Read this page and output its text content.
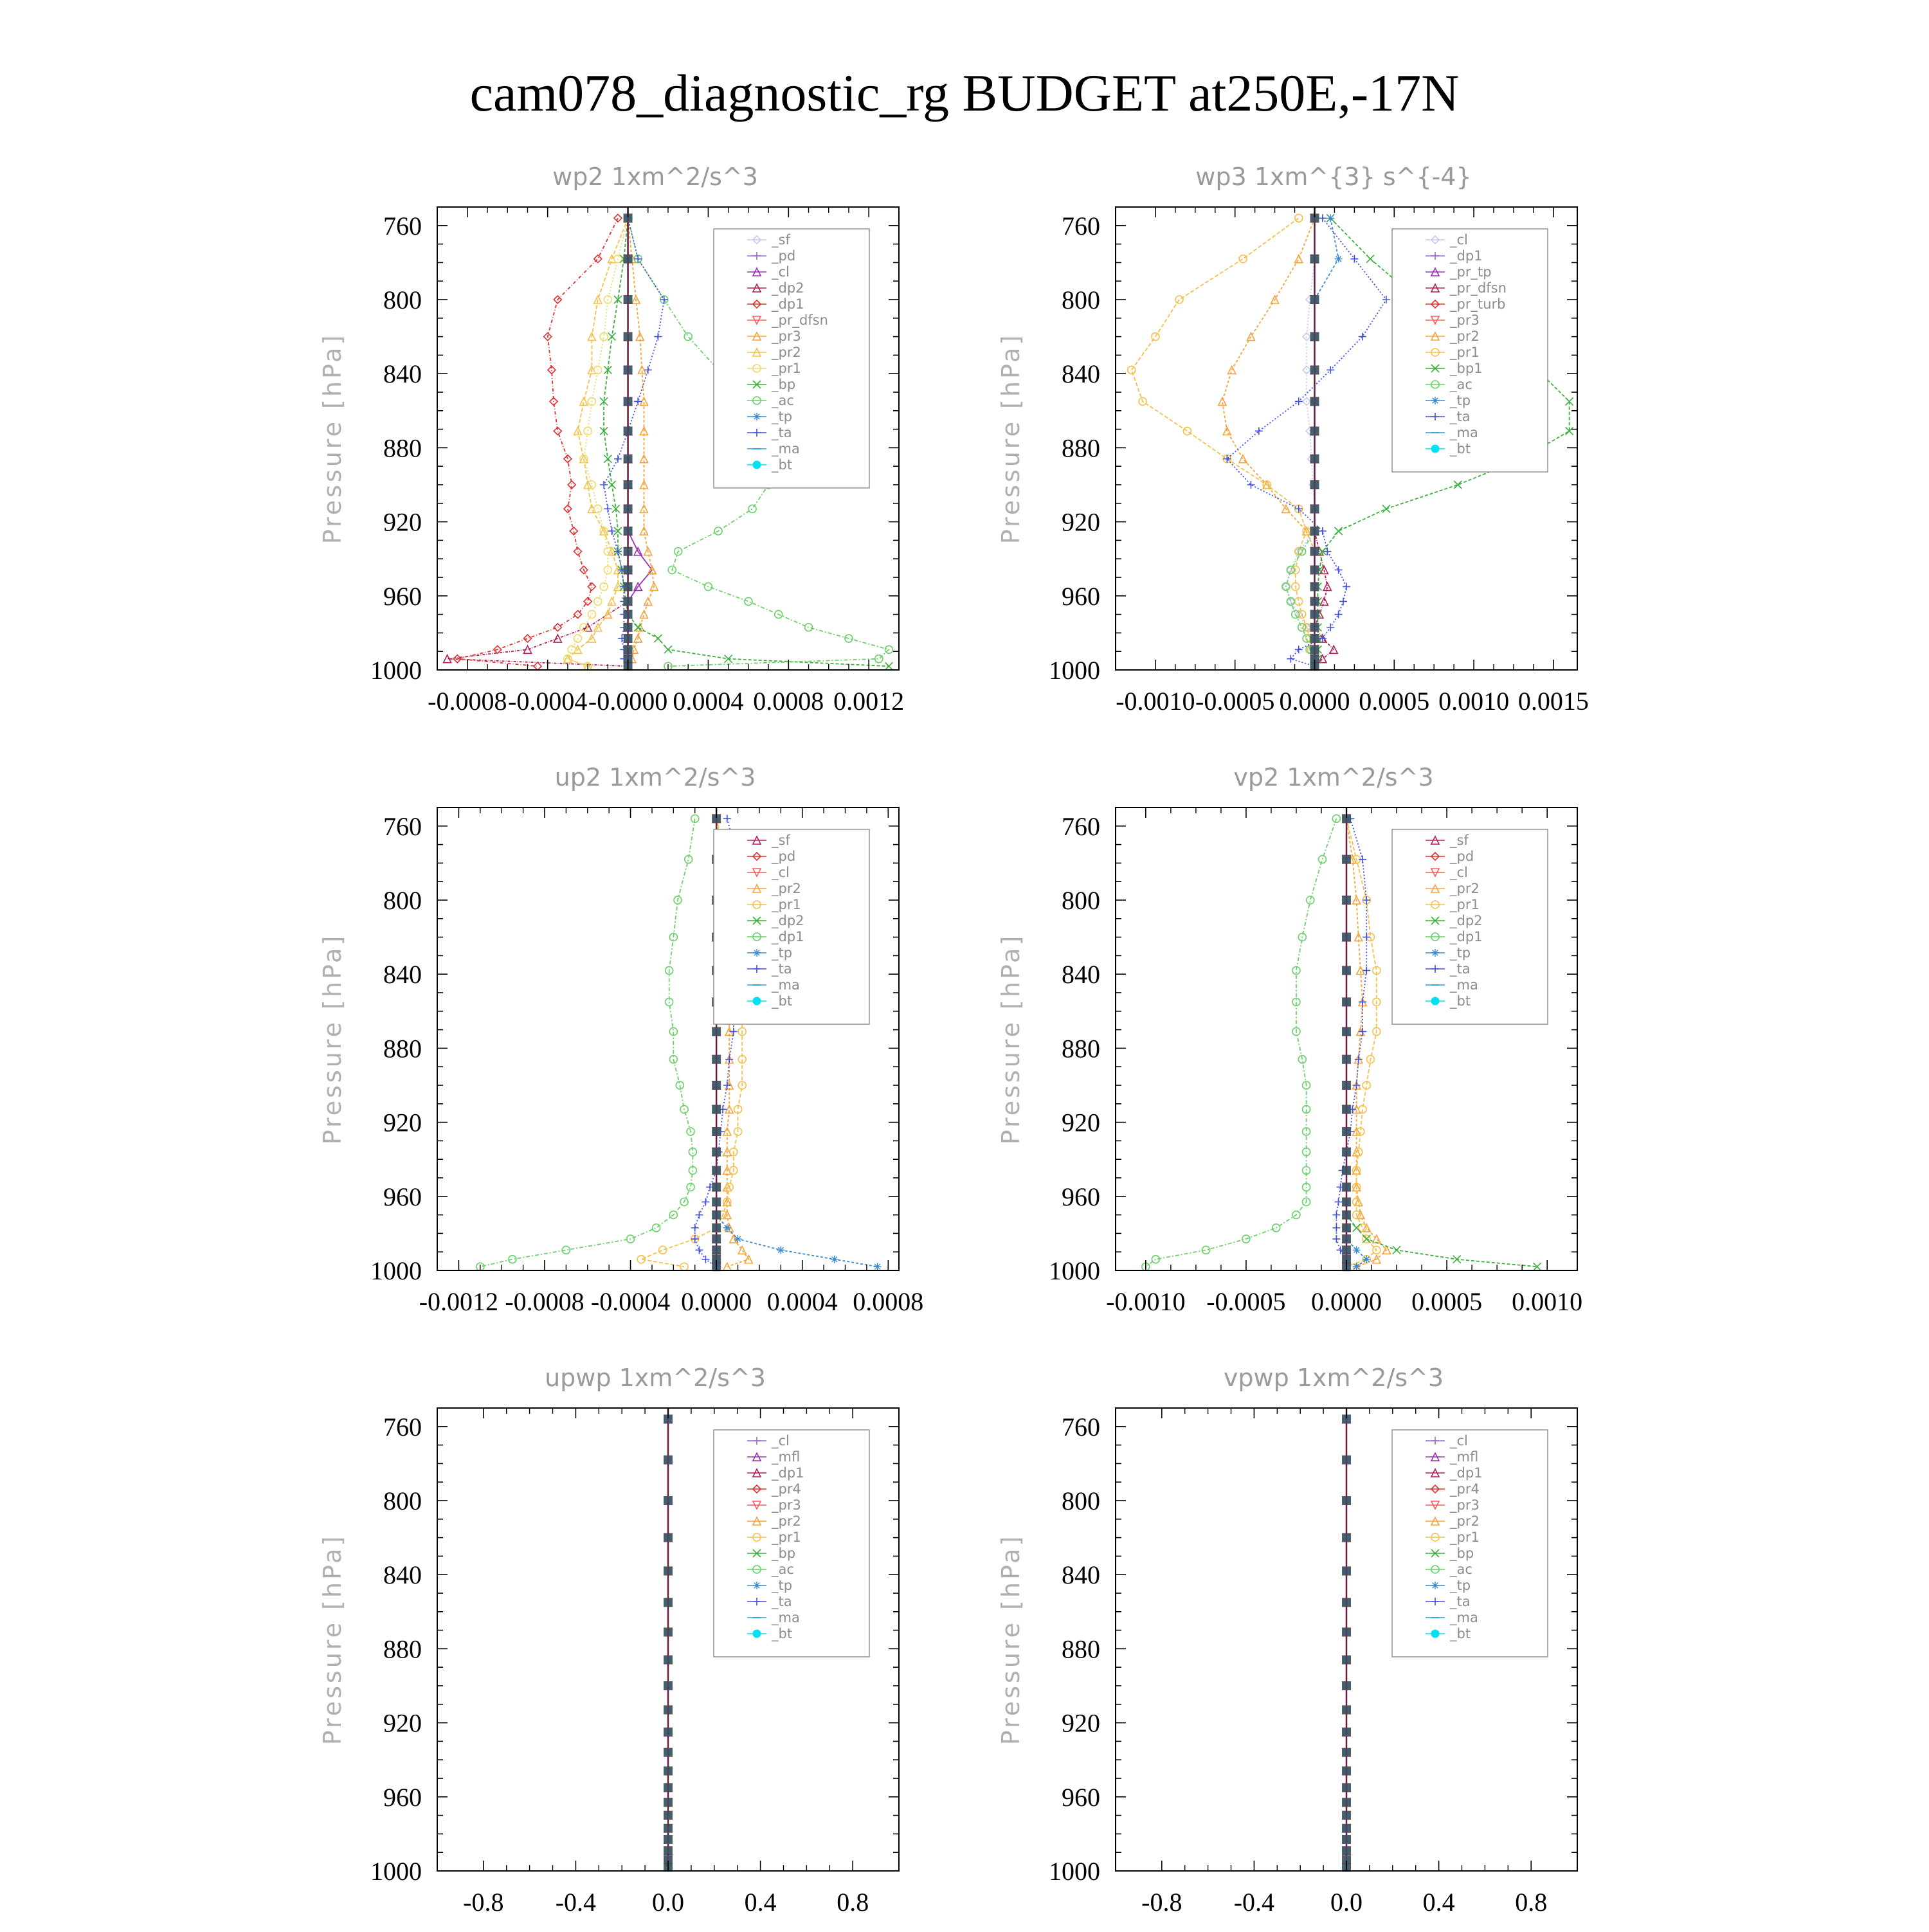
cam078_diagnostic_rg BUDGET at250E,-17N
wp2 1xm^2/s^3
Pressure [hPa]
760
800
840
880
920
960
1000
-0.0008 -0.0004 -0.0000 0.0004 0.0008 0.0012
_sf
_pd
_cl
_dp2
_dp1
_pr_dfsn
_pr3
_pr2
_pr1
_bp
_ac
_tp
_ta
_ma
_bt
wp3 1xm^{3} s^{-4}
Pressure [hPa]
760
800
840
880
920
960
1000
-0.0010 -0.0005 0.0000 0.0005 0.0010 0.0015
_cl
_dp1
_pr_tp
_pr_dfsn
_pr_turb
_pr3
_pr2
_pr1
_bp1
_ac
_tp
_ta
_ma
_bt
up2 1xm^2/s^3
Pressure [hPa]
760
800
840
880
920
960
1000
-0.0012 -0.0008 -0.0004 0.0000 0.0004 0.0008
_sf
_pd
_cl
_pr2
_pr1
_dp2
_dp1
_tp
_ta
_ma
_bt
vp2 1xm^2/s^3
Pressure [hPa]
760
800
840
880
920
960
1000
-0.0010 -0.0005 0.0000 0.0005 0.0010
_sf
_pd
_cl
_pr2
_pr1
_dp2
_dp1
_tp
_ta
_ma
_bt
upwp 1xm^2/s^3
Pressure [hPa]
760
800
840
880
920
960
1000
-0.8 -0.4 0.0 0.4 0.8
_cl
_mfl
_dp1
_pr4
_pr3
_pr2
_pr1
_bp
_ac
_tp
_ta
_ma
_bt
vpwp 1xm^2/s^3
Pressure [hPa]
760
800
840
880
920
960
1000
-0.8 -0.4 0.0 0.4 0.8
_cl
_mfl
_dp1
_pr4
_pr3
_pr2
_pr1
_bp
_ac
_tp
_ta
_ma
_bt
